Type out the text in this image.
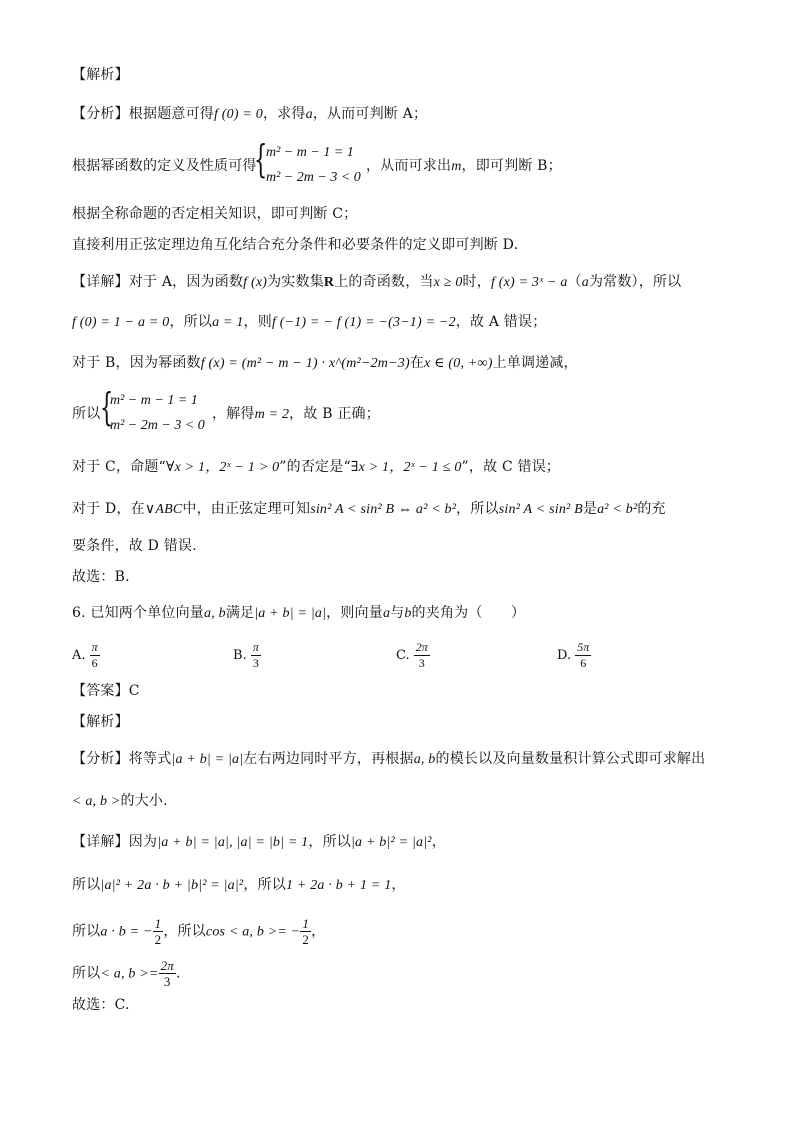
【解析】
【分析】根据题意可得f (0) = 0，求得a，从而可判断 A；
根据幂函数的定义及性质可得
{
m² − m − 1 = 1
m² − 2m − 3 < 0
，从而可求出m，即可判断 B；
根据全称命题的否定相关知识，即可判断 C；
直接利用正弦定理边角互化结合充分条件和必要条件的定义即可判断 D.
【详解】对于 A，因为函数f (x)为实数集R上的奇函数，当x ≥ 0时，f (x) = 3ˣ − a（a为常数），所以
f (0) = 1 − a = 0，所以a = 1，则f (−1) = − f (1) = −(3−1) = −2，故 A 错误；
对于 B，因为幂函数f (x) = (m² − m − 1) · x^(m²−2m−3)在x ∈ (0, +∞)上单调递减，
所以 {
m² − m − 1 = 1
m² − 2m − 3 < 0
，解得m = 2，故 B 正确；
对于 C，命题“∀x > 1，2ˣ − 1 > 0”的否定是“∃x > 1，2ˣ − 1 ≤ 0”，故 C 错误；
对于 D，在∨ABC中，由正弦定理可知sin² A < sin² B ⇔ a² < b²，所以sin² A < sin² B是a² < b²的充
要条件，故 D 错误.
故选：B.
6. 已知两个单位向量a, b满足|a + b| = |a|，则向量a与b的夹角为（　　）
A. $\frac{\pi}{6}$	B. $\frac{\pi}{3}$	C. $\frac{2\pi}{3}$	D. $\frac{5\pi}{6}$
【答案】C
【解析】
【分析】将等式|a + b| = |a|左右两边同时平方，再根据a, b的模长以及向量数量积计算公式即可求解出
< a, b >的大小.
【详解】因为|a + b| = |a|, |a| = |b| = 1，所以|a + b|² = |a|²，
所以|a|² + 2a · b + |b|² = |a|²，所以1 + 2a · b + 1 = 1，
所以a · b = − $\frac{1}{2}$ ，所以cos < a, b >= − $\frac{1}{2}$ ，
所以< a, $b >= \frac{2\pi}{3}$ .
故选：C.
